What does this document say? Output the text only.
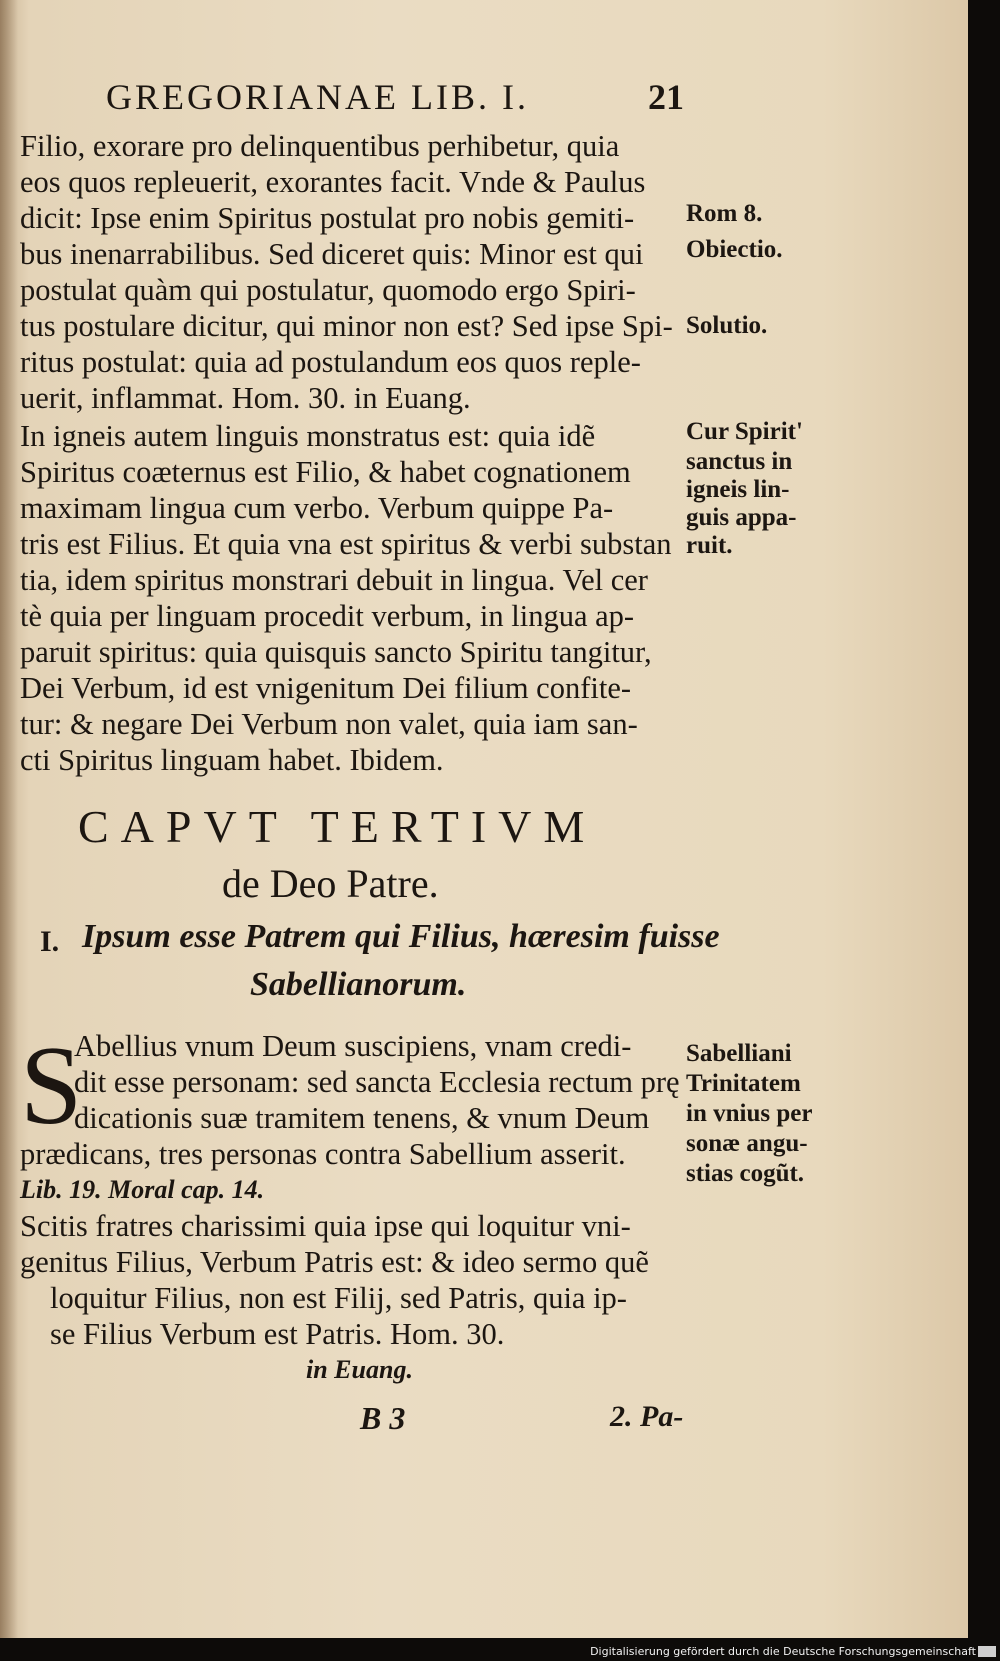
GREGORIANAE LIB. I.	21
Filio, exorare pro delinquentibus perhibetur, quia
eos quos repleuerit, exorantes facit. Vnde & Paulus
dicit: Ipse enim Spiritus postulat pro nobis gemiti-
bus inenarrabilibus. Sed diceret quis: Minor est qui
postulat quàm qui postulatur, quomodo ergo Spiri-
tus postulare dicitur, qui minor non est? Sed ipse Spi-
ritus postulat: quia ad postulandum eos quos reple-
uerit, inflammat. Hom. 30. in Euang.
In igneis autem linguis monstratus est: quia idẽ
Spiritus coæternus est Filio, & habet cognationem
maximam lingua cum verbo. Verbum quippe Pa-
tris est Filius. Et quia vna est spiritus & verbi substan
tia, idem spiritus monstrari debuit in lingua. Vel cer
tè quia per linguam procedit verbum, in lingua ap-
paruit spiritus: quia quisquis sancto Spiritu tangitur,
Dei Verbum, id est vnigenitum Dei filium confite-
tur: & negare Dei Verbum non valet, quia iam san-
cti Spiritus linguam habet. Ibidem.
Rom 8.
Obiectio.
Solutio.
Cur Spirit'
sanctus in
igneis lin-
guis appa-
ruit.
Sabelliani
Trinitatem
in vnius per
sonæ angu-
stias cogũt.
CAPVT TERTIVM
de Deo Patre.
I. Ipsum esse Patrem qui Filius, hæresim fuisse
Sabellianorum.
S
Abellius vnum Deum suscipiens, vnam credi-
dit esse personam: sed sancta Ecclesia rectum prę
dicationis suæ tramitem tenens, & vnum Deum
prædicans, tres personas contra Sabellium asserit.
Lib. 19. Moral cap. 14.
Scitis fratres charissimi quia ipse qui loquitur vni-
genitus Filius, Verbum Patris est: & ideo sermo quẽ
loquitur Filius, non est Filij, sed Patris, quia ip-
se Filius Verbum est Patris. Hom. 30.
in Euang.
B 3	2. Pa-
Digitalisierung gefördert durch die Deutsche Forschungsgemeinschaft
